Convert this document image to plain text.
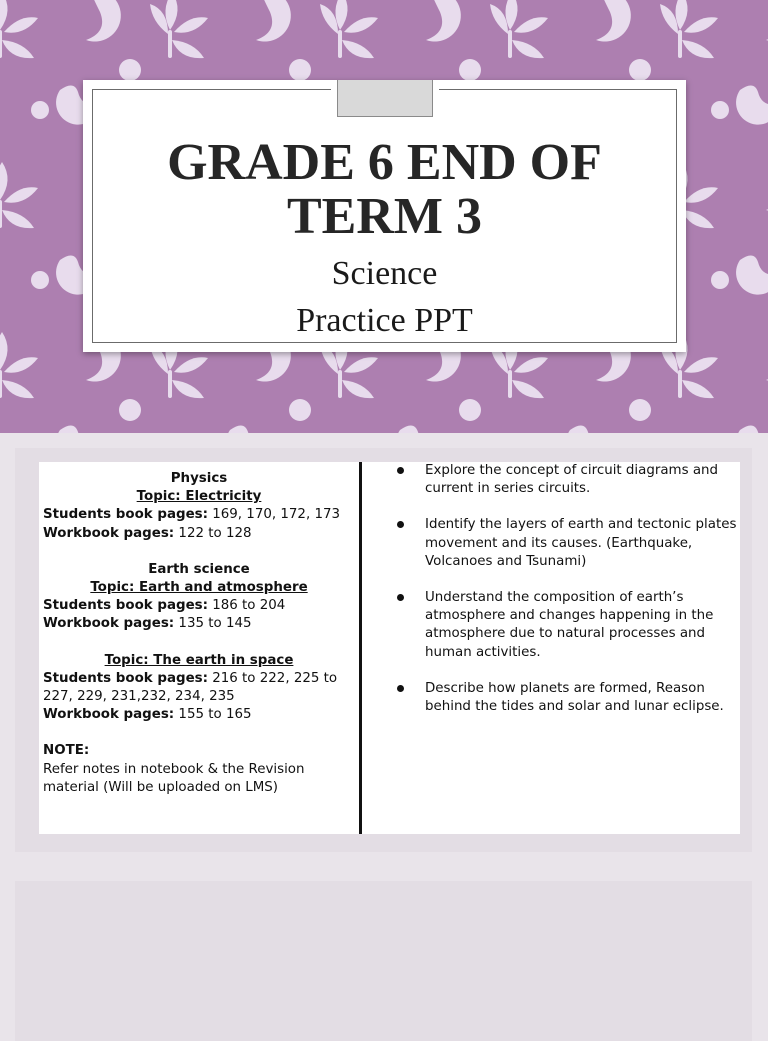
GRADE 6 END OF
TERM 3
Science
Practice PPT
Physics
Topic: Electricity
Students book pages: 169, 170, 172, 173
Workbook pages: 122 to 128
Earth science
Topic: Earth and atmosphere
Students book pages: 186 to 204
Workbook pages: 135 to 145
Topic: The earth in space
Students book pages: 216 to 222, 225 to 227, 229, 231,232, 234, 235
Workbook pages: 155 to 165
NOTE:
Refer notes in notebook & the Revision material (Will be uploaded on LMS)
Explore the concept of circuit diagrams and current in series circuits.
Identify the layers of earth and tectonic plates movement and its causes. (Earthquake, Volcanoes and Tsunami)
Understand the composition of earth’s atmosphere and changes happening in the atmosphere due to natural processes and human activities.
Describe how planets are formed, Reason behind the tides and solar and lunar eclipse.
